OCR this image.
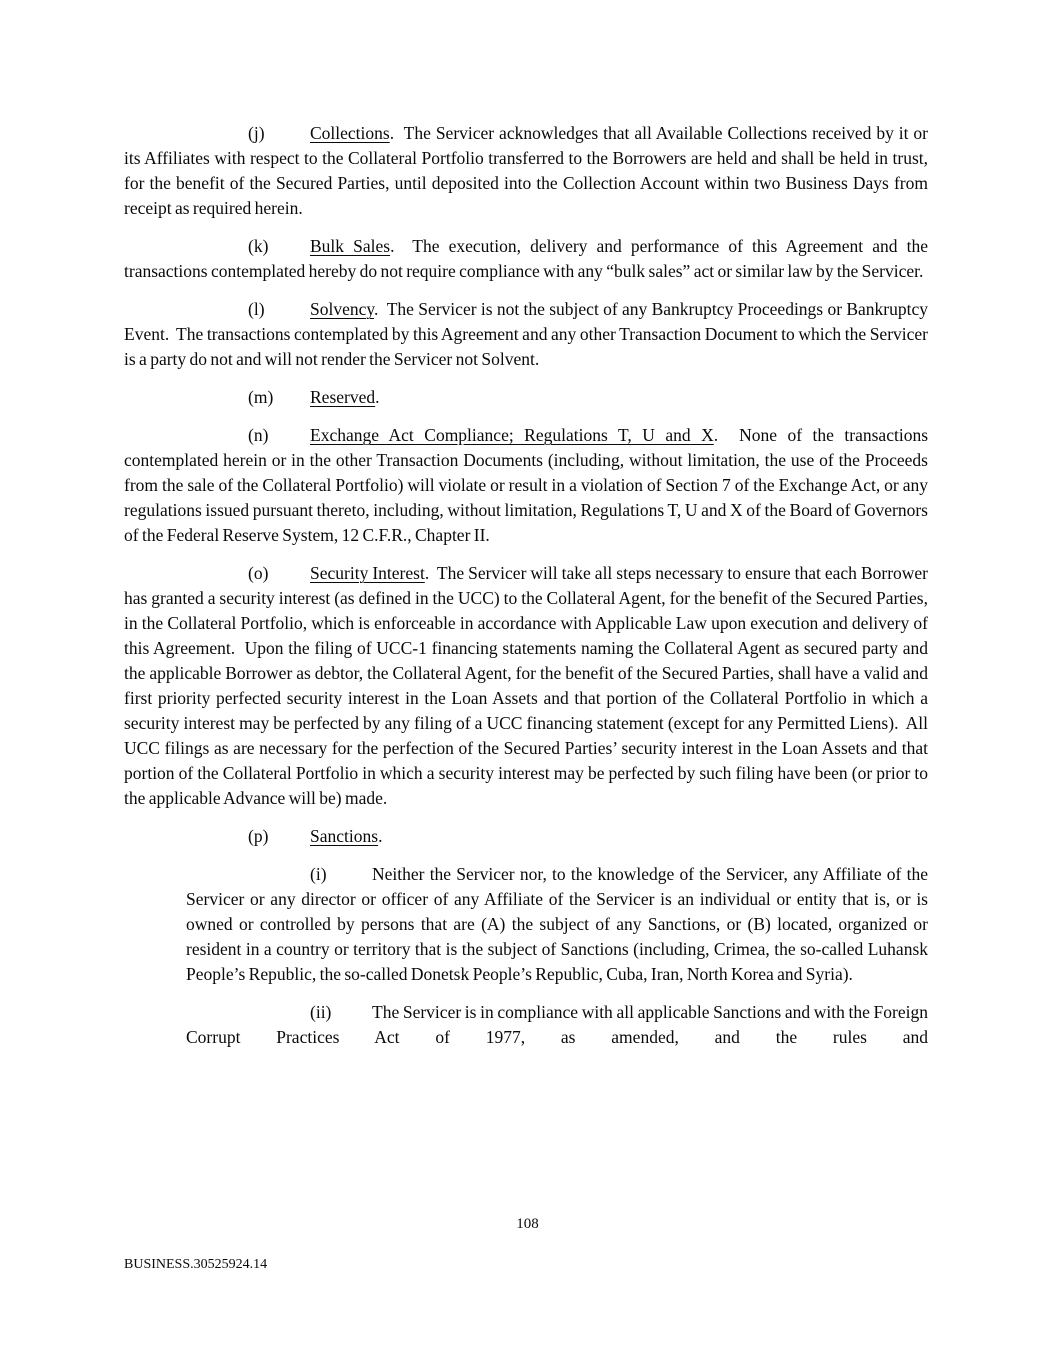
(j)	Collections.  The Servicer acknowledges that all Available Collections received by it or its Affiliates with respect to the Collateral Portfolio transferred to the Borrowers are held and shall be held in trust, for the benefit of the Secured Parties, until deposited into the Collection Account within two Business Days from receipt as required herein.

(k) Bulk Sales.  The execution, delivery and performance of this Agreement and the transactions contemplated hereby do not require compliance with any “bulk sales” act or similar law by the Servicer.

(l)	Solvency.  The Servicer is not the subject of any Bankruptcy Proceedings or Bankruptcy Event.  The transactions contemplated by this Agreement and any other Transaction Document to which the Servicer is a party do not and will not render the Servicer not Solvent.

(m) Reserved.

(n) Exchange Act Compliance; Regulations T, U and X.  None of the transactions contemplated herein or in the other Transaction Documents (including, without limitation, the use of the Proceeds from the sale of the Collateral Portfolio) will violate or result in a violation of Section 7 of the Exchange Act, or any regulations issued pursuant thereto, including, without limitation, Regulations T, U and X of the Board of Governors of the Federal Reserve System, 12 C.F.R., Chapter II.

(o) Security Interest.  The Servicer will take all steps necessary to ensure that each Borrower has granted a security interest (as defined in the UCC) to the Collateral Agent, for the benefit of the Secured Parties, in the Collateral Portfolio, which is enforceable in accordance with Applicable Law upon execution and delivery of this Agreement.  Upon the filing of UCC-1 financing statements naming the Collateral Agent as secured party and the applicable Borrower as debtor, the Collateral Agent, for the benefit of the Secured Parties, shall have a valid and first priority perfected security interest in the Loan Assets and that portion of the Collateral Portfolio in which a security interest may be perfected by any filing of a UCC financing statement (except for any Permitted Liens).  All UCC filings as are necessary for the perfection of the Secured Parties’ security interest in the Loan Assets and that portion of the Collateral Portfolio in which a security interest may be perfected by such filing have been (or prior to the applicable Advance will be) made.

(p) Sanctions.

(i)	Neither the Servicer nor, to the knowledge of the Servicer, any Affiliate of the Servicer or any director or officer of any Affiliate of the Servicer is an individual or entity that is, or is owned or controlled by persons that are (A) the subject of any Sanctions, or (B) located, organized or resident in a country or territory that is the subject of Sanctions (including, Crimea, the so-called Luhansk People’s Republic, the so-called Donetsk People’s Republic, Cuba, Iran, North Korea and Syria).

(ii) The Servicer is in compliance with all applicable Sanctions and with the Foreign Corrupt Practices Act of 1977, as amended, and the rules and

108
BUSINESS.30525924.14
